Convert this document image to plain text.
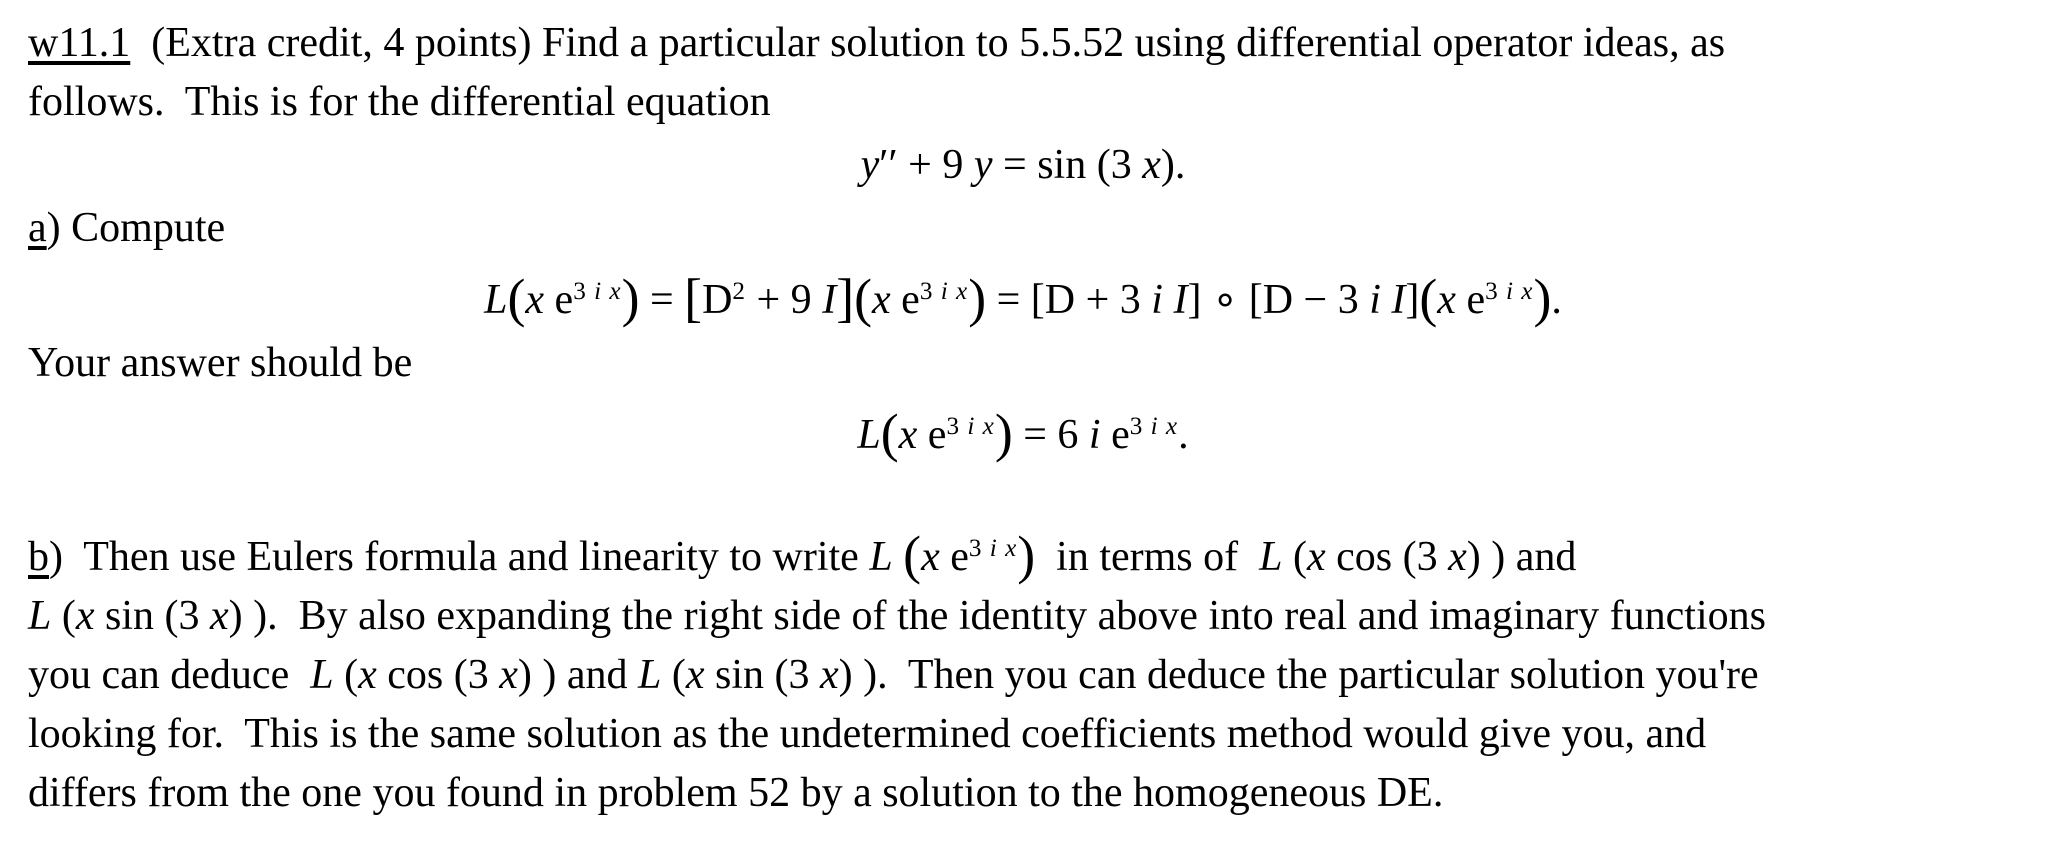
w11.1  (Extra credit, 4 points) Find a particular solution to 5.5.52 using differential operator ideas, as
follows.  This is for the differential equation
y′′ + 9 y = sin (3 x).
a) Compute
L(x $e^3$ $^{i x}) = [D^2 + 9$ I](x $e^3$ $^{i x}$) = [D + 3 i I] ∘ [D − 3 i I](x $e^3$ $^{i x}$).
Your answer should be
L(x $e^3$ $^{i x}$) = 6 i $e^3$ $^{i x}$.
b)  Then use Eulers formula and linearity to write L (x $e^3$ $^{i x}$)  in terms of  L (x cos (3 x) ) and
L (x sin (3 x) ).  By also expanding the right side of the identity above into real and imaginary functions
you can deduce  L (x cos (3 x) ) and L (x sin (3 x) ).  Then you can deduce the particular solution you're
looking for.  This is the same solution as the undetermined coefficients method would give you, and
differs from the one you found in problem 52 by a solution to the homogeneous DE.
